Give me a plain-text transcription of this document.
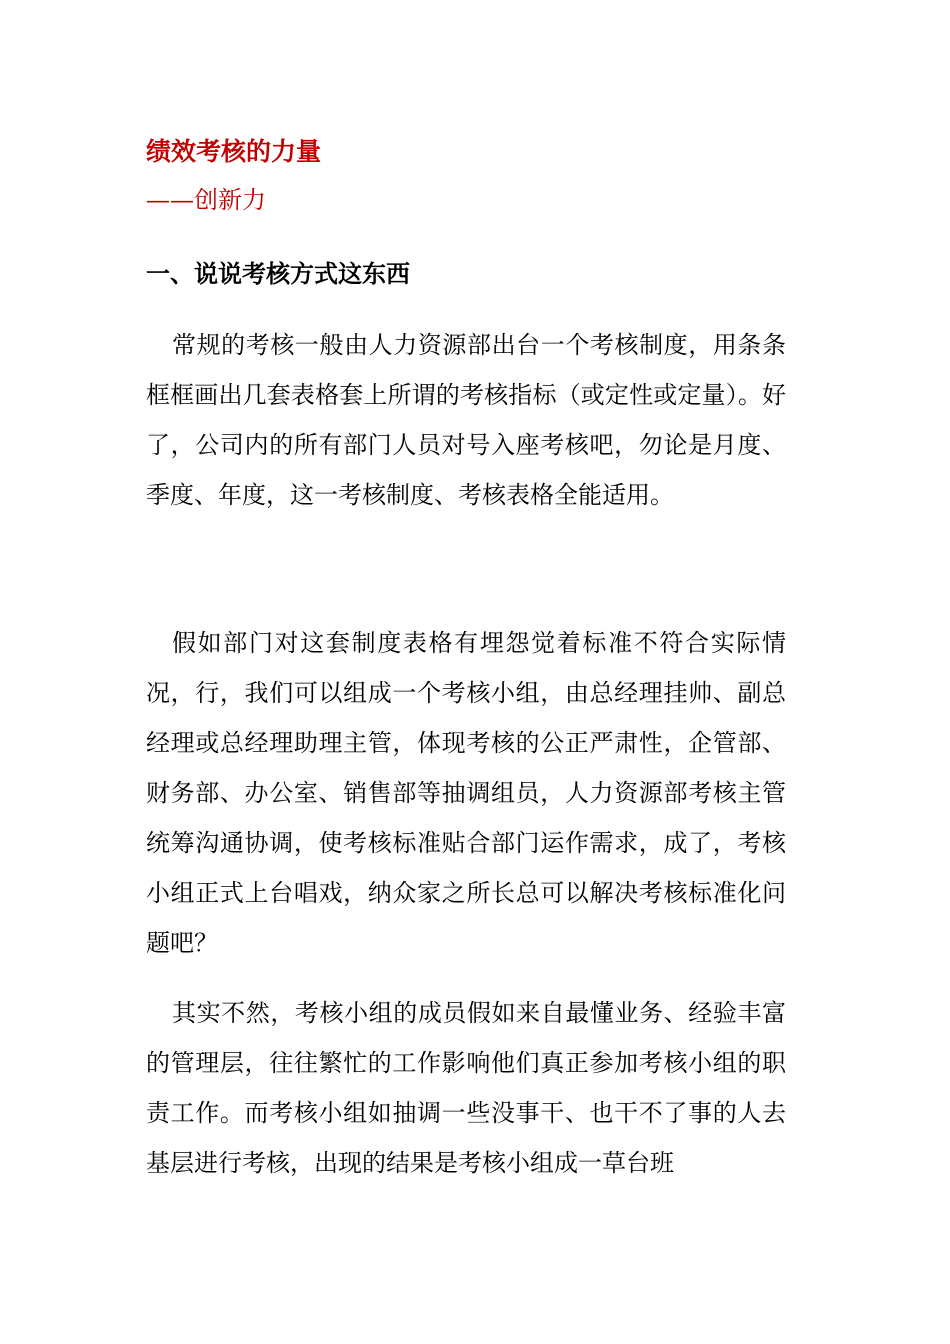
绩效考核的力量
——创新力
一、说说考核方式这东西

常规的考核一般由人力资源部出台一个考核制度，用条条框框画出几套表格套上所谓的考核指标（或定性或定量）。好了，公司内的所有部门人员对号入座考核吧，勿论是月度、季度、年度，这一考核制度、考核表格全能适用。

假如部门对这套制度表格有埋怨觉着标准不符合实际情况，行，我们可以组成一个考核小组，由总经理挂帅、副总经理或总经理助理主管，体现考核的公正严肃性，企管部、财务部、办公室、销售部等抽调组员，人力资源部考核主管统筹沟通协调，使考核标准贴合部门运作需求，成了，考核小组正式上台唱戏，纳众家之所长总可以解决考核标准化问题吧？

其实不然，考核小组的成员假如来自最懂业务、经验丰富的管理层，往往繁忙的工作影响他们真正参加考核小组的职责工作。而考核小组如抽调一些没事干、也干不了事的人去基层进行考核，出现的结果是考核小组成一草台班
